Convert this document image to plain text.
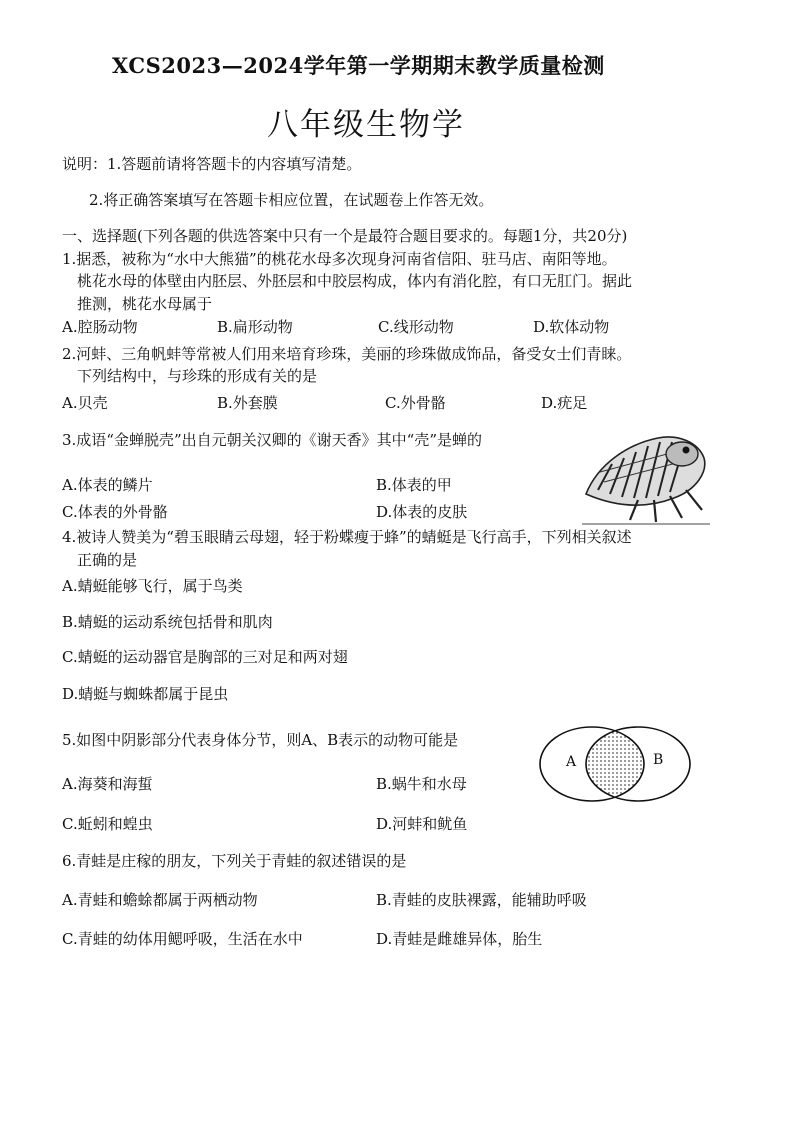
XCS2023—2024学年第一学期期末教学质量检测
八年级生物学
说明：1.答题前请将答题卡的内容填写清楚。
2.将正确答案填写在答题卡相应位置，在试题卷上作答无效。
一、选择题(下列各题的供选答案中只有一个是最符合题目要求的。每题1分，共20分)
1.据悉，被称为“水中大熊猫”的桃花水母多次现身河南省信阳、驻马店、南阳等地。
桃花水母的体壁由内胚层、外胚层和中胶层构成，体内有消化腔，有口无肛门。据此
推测，桃花水母属于
A.腔肠动物	B.扁形动物	C.线形动物	D.软体动物
2.河蚌、三角帆蚌等常被人们用来培育珍珠，美丽的珍珠做成饰品，备受女士们青睐。
下列结构中，与珍珠的形成有关的是
A.贝壳	B.外套膜	C.外骨骼	D.疣足
3.成语“金蝉脱壳”出自元朝关汉卿的《谢天香》其中“壳”是蝉的
A.体表的鳞片	B.体表的甲
C.体表的外骨骼	D.体表的皮肤
4.被诗人赞美为“碧玉眼睛云母翅，轻于粉蝶瘦于蜂”的蜻蜓是飞行高手，下列相关叙述
正确的是
A.蜻蜓能够飞行，属于鸟类
B.蜻蜓的运动系统包括骨和肌肉
C.蜻蜓的运动器官是胸部的三对足和两对翅
D.蜻蜓与蜘蛛都属于昆虫
5.如图中阴影部分代表身体分节，则A、B表示的动物可能是
A.海葵和海蜇	B.蜗牛和水母
C.蚯蚓和蝗虫	D.河蚌和鱿鱼
A	B
6.青蛙是庄稼的朋友，下列关于青蛙的叙述错误的是
A.青蛙和蟾蜍都属于两栖动物	B.青蛙的皮肤裸露，能辅助呼吸
C.青蛙的幼体用鳃呼吸，生活在水中	D.青蛙是雌雄异体，胎生
